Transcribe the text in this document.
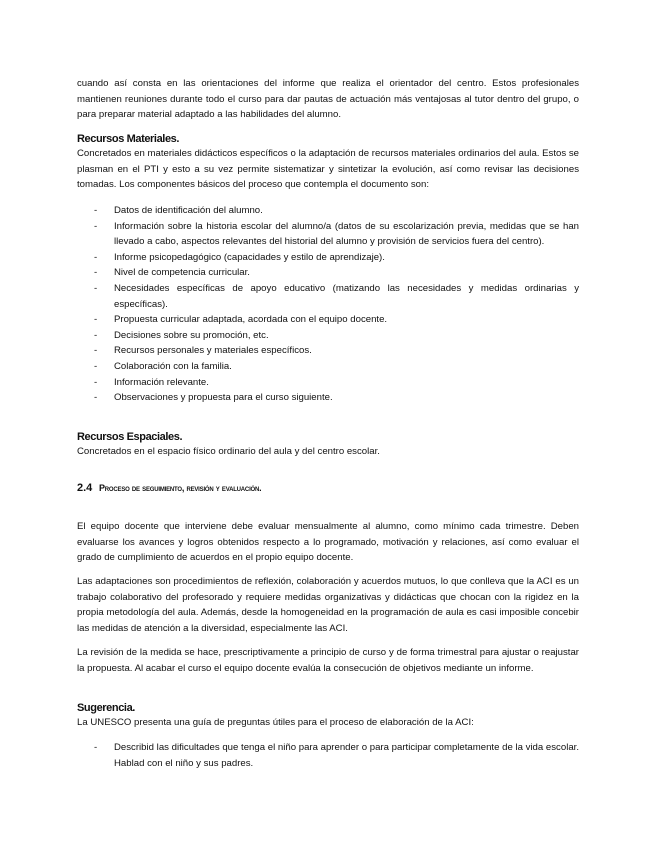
cuando así consta en las orientaciones del informe que realiza el orientador del centro. Estos profesionales mantienen reuniones durante todo el curso para dar pautas de actuación más ventajosas al tutor dentro del grupo, o para preparar material adaptado a las habilidades del alumno.

Recursos Materiales.

Concretados en materiales didácticos específicos o la adaptación de recursos materiales ordinarios del aula. Estos se plasman en el PTI y esto a su vez permite sistematizar y sintetizar la evolución, así como revisar las decisiones tomadas. Los componentes básicos del proceso que contempla el documento son:

- Datos de identificación del alumno.
- Información sobre la historia escolar del alumno/a (datos de su escolarización previa, medidas que se han llevado a cabo, aspectos relevantes del historial del alumno y provisión de servicios fuera del centro).
- Informe psicopedagógico (capacidades y estilo de aprendizaje).
- Nivel de competencia curricular.
- Necesidades específicas de apoyo educativo (matizando las necesidades y medidas ordinarias y específicas).
- Propuesta curricular adaptada, acordada con el equipo docente.
- Decisiones sobre su promoción, etc.
- Recursos personales y materiales específicos.
- Colaboración con la familia.
- Información relevante.
- Observaciones y propuesta para el curso siguiente.
Recursos Espaciales.

Concretados en el espacio físico ordinario del aula y del centro escolar.

2.4 Proceso de seguimiento, revisión y evaluación.

El equipo docente que interviene debe evaluar mensualmente al alumno, como mínimo cada trimestre. Deben evaluarse los avances y logros obtenidos respecto a lo programado, motivación y relaciones, así como evaluar el grado de cumplimiento de acuerdos en el propio equipo docente.

Las adaptaciones son procedimientos de reflexión, colaboración y acuerdos mutuos, lo que conlleva que la ACI es un trabajo colaborativo del profesorado y requiere medidas organizativas y didácticas que chocan con la rigidez en la propia metodología del aula. Además, desde la homogeneidad en la programación de aula es casi imposible concebir las medidas de atención a la diversidad, especialmente las ACI.

La revisión de la medida se hace, prescriptivamente a principio de curso y de forma trimestral para ajustar o reajustar la propuesta. Al acabar el curso el equipo docente evalúa la consecución de objetivos mediante un informe.

Sugerencia.

La UNESCO presenta una guía de preguntas útiles para el proceso de elaboración de la ACI:

- Describid las dificultades que tenga el niño para aprender o para participar completamente de la vida escolar. Hablad con el niño y sus padres.
